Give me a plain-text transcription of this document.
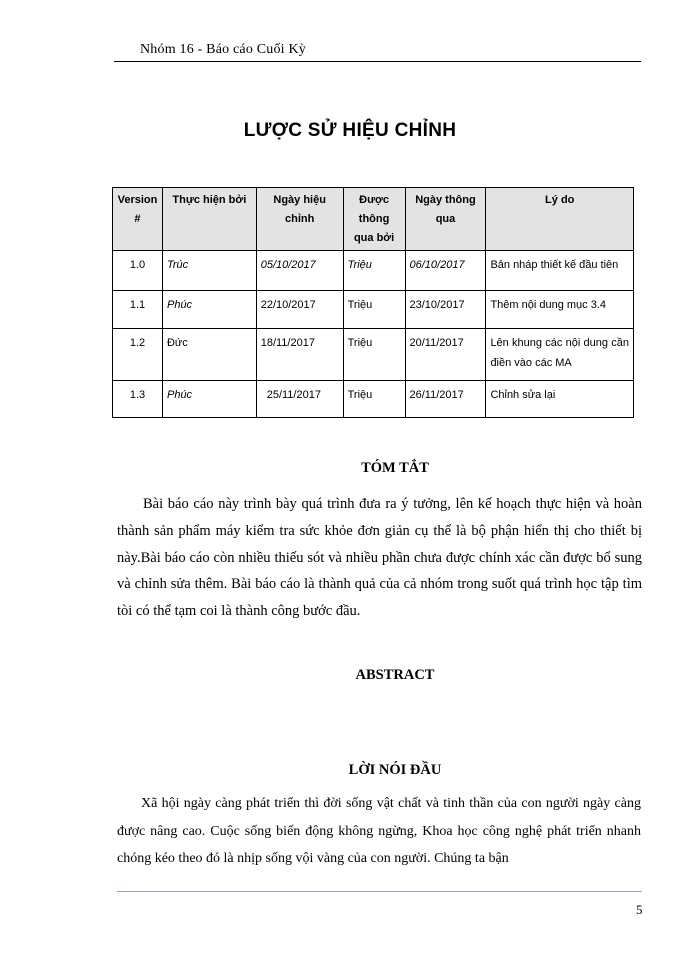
Nhóm 16 - Báo cáo Cuối Kỳ
LƯỢC SỬ HIỆU CHỈNH
Version #	Thực hiện bởi	Ngày hiệu chỉnh	Được thông qua bởi	Ngày thông qua	Lý do
1.0	Trúc	05/10/2017	Triệu	06/10/2017	Bản nháp thiết kế đầu tiên
1.1	Phúc	22/10/2017	Triệu	23/10/2017	Thêm nội dung mục 3.4
1.2	Đức	18/11/2017	Triệu	20/11/2017	Lên khung các nội dung cần điền vào các MA
1.3	Phúc	25/11/2017	Triệu	26/11/2017	Chỉnh sửa lại
TÓM TẮT

Bài báo cáo này trình bày quá trình đưa ra ý tưởng, lên kế hoạch thực hiện và hoàn thành sản phẩm máy kiểm tra sức khỏe đơn giản cụ thể là bộ phận hiển thị cho thiết bị này.Bài báo cáo còn nhiều thiếu sót và nhiều phần chưa được chính xác cần được bổ sung và chỉnh sửa thêm. Bài báo cáo là thành quả của cả nhóm trong suốt quá trình học tập tìm tòi có thể tạm coi là thành công bước đầu.

ABSTRACT
LỜI NÓI ĐẦU

Xã hội ngày càng phát triển thì đời sống vật chất và tinh thần của con người ngày càng được nâng cao. Cuộc sống biến động không ngừng, Khoa học công nghệ phát triển nhanh chóng kéo theo đó là nhịp sống vội vàng của con người. Chúng ta bận

5
